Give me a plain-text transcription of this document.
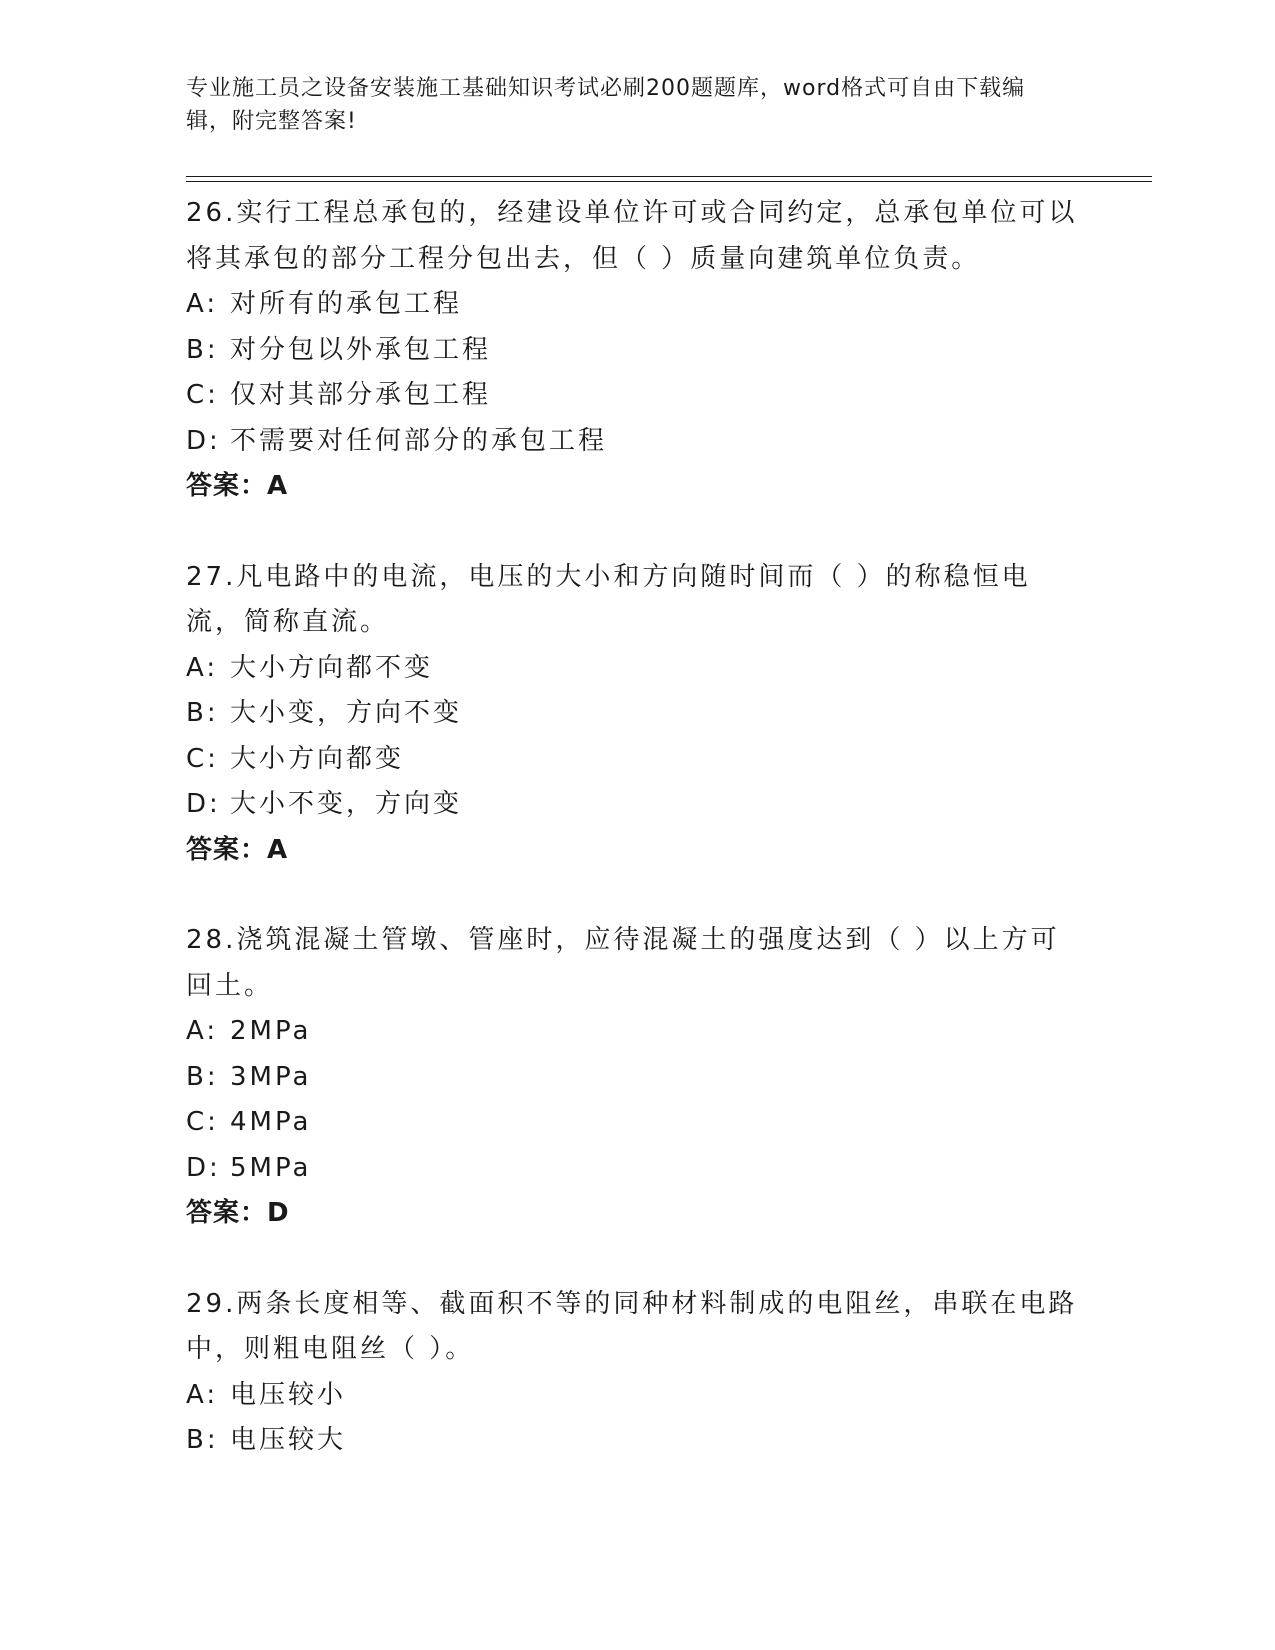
专业施工员之设备安装施工基础知识考试必刷200题题库，word格式可自由下载编辑，附完整答案!

26.实行工程总承包的，经建设单位许可或合同约定，总承包单位可以将其承包的部分工程分包出去，但（ ）质量向建筑单位负责。

A: 对所有的承包工程

B: 对分包以外承包工程

C: 仅对其部分承包工程

D: 不需要对任何部分的承包工程

答案：A

27.凡电路中的电流，电压的大小和方向随时间而（ ）的称稳恒电流，简称直流。

A: 大小方向都不变

B: 大小变，方向不变

C: 大小方向都变

D: 大小不变，方向变

答案：A

28.浇筑混凝土管墩、管座时，应待混凝土的强度达到（ ）以上方可回土。

A: 2MPa

B: 3MPa

C: 4MPa

D: 5MPa

答案：D

29.两条长度相等、截面积不等的同种材料制成的电阻丝，串联在电路中，则粗电阻丝（ ）。

A: 电压较小

B: 电压较大
